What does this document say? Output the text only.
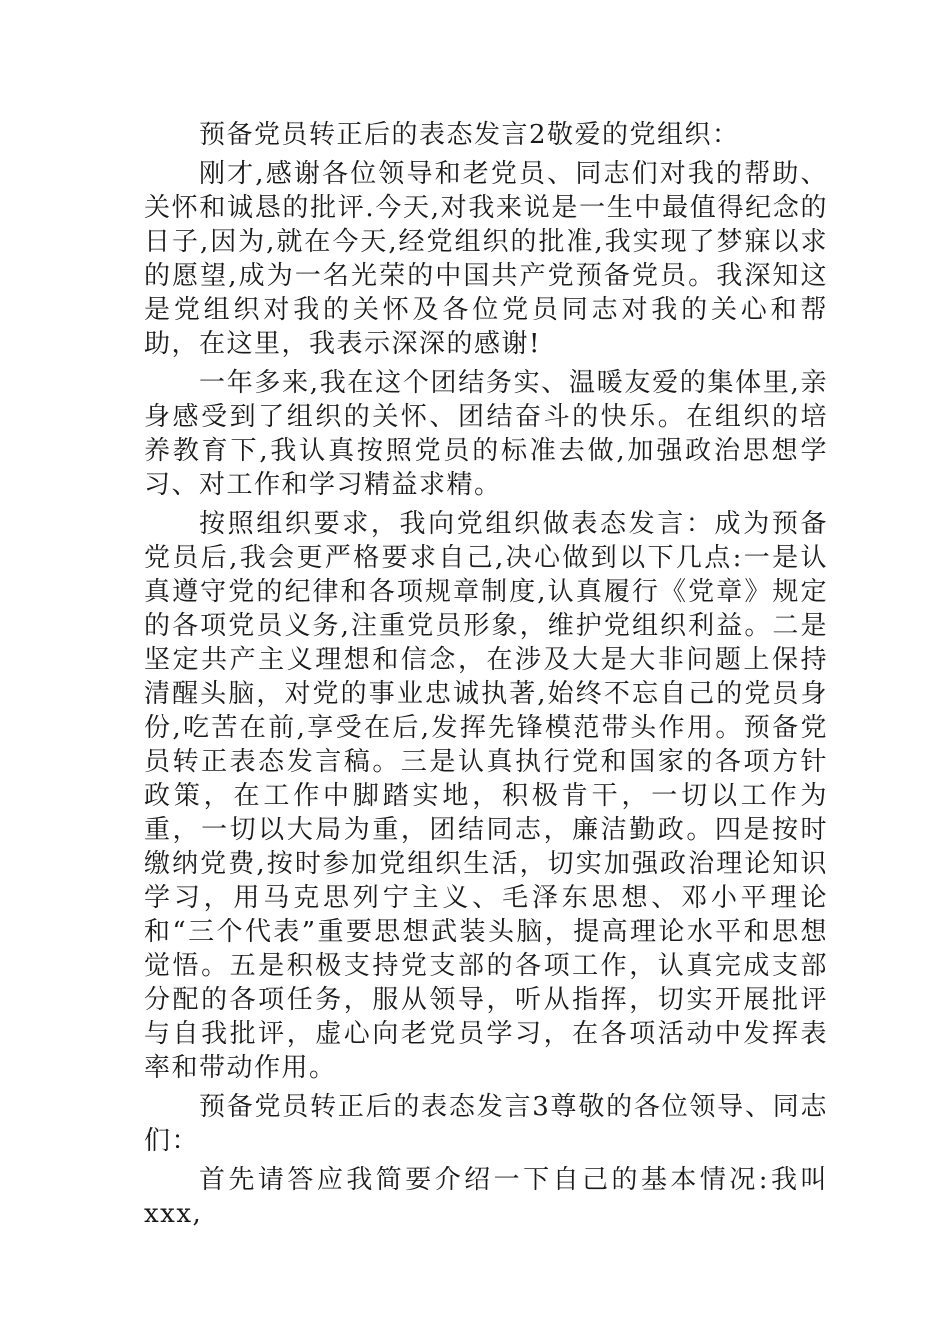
预备党员转正后的表态发言2敬爱的党组织：

刚才,感谢各位领导和老党员、同志们对我的帮助、关怀和诚恳的批评.今天,对我来说是一生中最值得纪念的日子,因为,就在今天,经党组织的批准,我实现了梦寐以求的愿望,成为一名光荣的中国共产党预备党员。我深知这是党组织对我的关怀及各位党员同志对我的关心和帮助，在这里，我表示深深的感谢!

一年多来,我在这个团结务实、温暖友爱的集体里,亲身感受到了组织的关怀、团结奋斗的快乐。在组织的培养教育下,我认真按照党员的标准去做,加强政治思想学习、对工作和学习精益求精。

按照组织要求，我向党组织做表态发言：成为预备党员后,我会更严格要求自己,决心做到以下几点:一是认真遵守党的纪律和各项规章制度,认真履行《党章》规定的各项党员义务,注重党员形象，维护党组织利益。二是坚定共产主义理想和信念，在涉及大是大非问题上保持清醒头脑，对党的事业忠诚执著,始终不忘自己的党员身份,吃苦在前,享受在后,发挥先锋模范带头作用。预备党员转正表态发言稿。三是认真执行党和国家的各项方针政策，在工作中脚踏实地，积极肯干，一切以工作为重，一切以大局为重，团结同志，廉洁勤政。四是按时缴纳党费,按时参加党组织生活，切实加强政治理论知识学习，用马克思列宁主义、毛泽东思想、邓小平理论和“三个代表”重要思想武装头脑，提高理论水平和思想觉悟。五是积极支持党支部的各项工作，认真完成支部分配的各项任务，服从领导，听从指挥，切实开展批评与自我批评，虚心向老党员学习，在各项活动中发挥表率和带动作用。

预备党员转正后的表态发言3尊敬的各位领导、同志们：

首先请答应我简要介绍一下自己的基本情况:我叫xxx,
